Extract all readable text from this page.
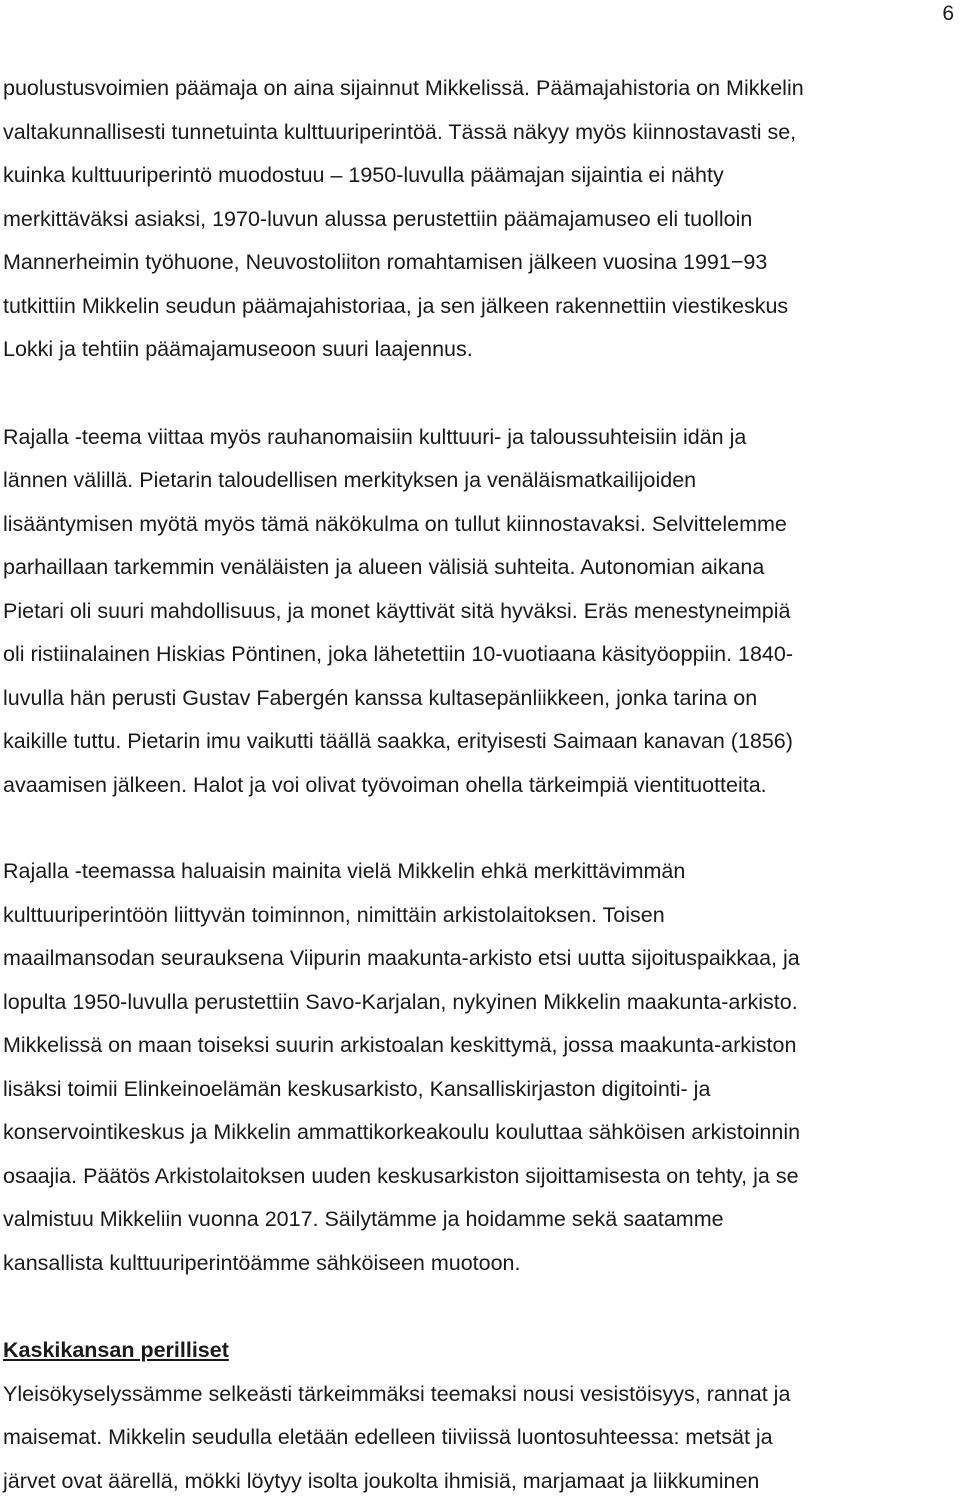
6

puolustusvoimien päämaja on aina sijainnut Mikkelissä. Päämajahistoria on Mikkelin
valtakunnallisesti tunnetuinta kulttuuriperintöä. Tässä näkyy myös kiinnostavasti se,
kuinka kulttuuriperintö muodostuu – 1950-luvulla päämajan sijaintia ei nähty
merkittäväksi asiaksi, 1970-luvun alussa perustettiin päämajamuseo eli tuolloin
Mannerheimin työhuone, Neuvostoliiton romahtamisen jälkeen vuosina 1991−93
tutkittiin Mikkelin seudun päämajahistoriaa, ja sen jälkeen rakennettiin viestikeskus
Lokki ja tehtiin päämajamuseoon suuri laajennus.

Rajalla -teema viittaa myös rauhanomaisiin kulttuuri- ja taloussuhteisiin idän ja
lännen välillä. Pietarin taloudellisen merkityksen ja venäläismatkailijoiden
lisääntymisen myötä myös tämä näkökulma on tullut kiinnostavaksi. Selvittelemme
parhaillaan tarkemmin venäläisten ja alueen välisiä suhteita. Autonomian aikana
Pietari oli suuri mahdollisuus, ja monet käyttivät sitä hyväksi. Eräs menestyneimpiä
oli ristiinalainen Hiskias Pöntinen, joka lähetettiin 10-vuotiaana käsityöoppiin. 1840-
luvulla hän perusti Gustav Fabergén kanssa kultasepänliikkeen, jonka tarina on
kaikille tuttu. Pietarin imu vaikutti täällä saakka, erityisesti Saimaan kanavan (1856)
avaamisen jälkeen. Halot ja voi olivat työvoiman ohella tärkeimpiä vientituotteita.

Rajalla -teemassa haluaisin mainita vielä Mikkelin ehkä merkittävimmän
kulttuuriperintöön liittyvän toiminnon, nimittäin arkistolaitoksen. Toisen
maailmansodan seurauksena Viipurin maakunta-arkisto etsi uutta sijoituspaikkaa, ja
lopulta 1950-luvulla perustettiin Savo-Karjalan, nykyinen Mikkelin maakunta-arkisto.
Mikkelissä on maan toiseksi suurin arkistoalan keskittymä, jossa maakunta-arkiston
lisäksi toimii Elinkeinoelämän keskusarkisto, Kansalliskirjaston digitointi- ja
konservointikeskus ja Mikkelin ammattikorkeakoulu kouluttaa sähköisen arkistoinnin
osaajia. Päätös Arkistolaitoksen uuden keskusarkiston sijoittamisesta on tehty, ja se
valmistuu Mikkeliin vuonna 2017. Säilytämme ja hoidamme sekä saatamme
kansallista kulttuuriperintöämme sähköiseen muotoon.

Kaskikansan perilliset

Yleisökyselyssämme selkeästi tärkeimmäksi teemaksi nousi vesistöisyys, rannat ja
maisemat. Mikkelin seudulla eletään edelleen tiiviissä luontosuhteessa: metsät ja
järvet ovat äärellä, mökki löytyy isolta joukolta ihmisiä, marjamaat ja liikkuminen
